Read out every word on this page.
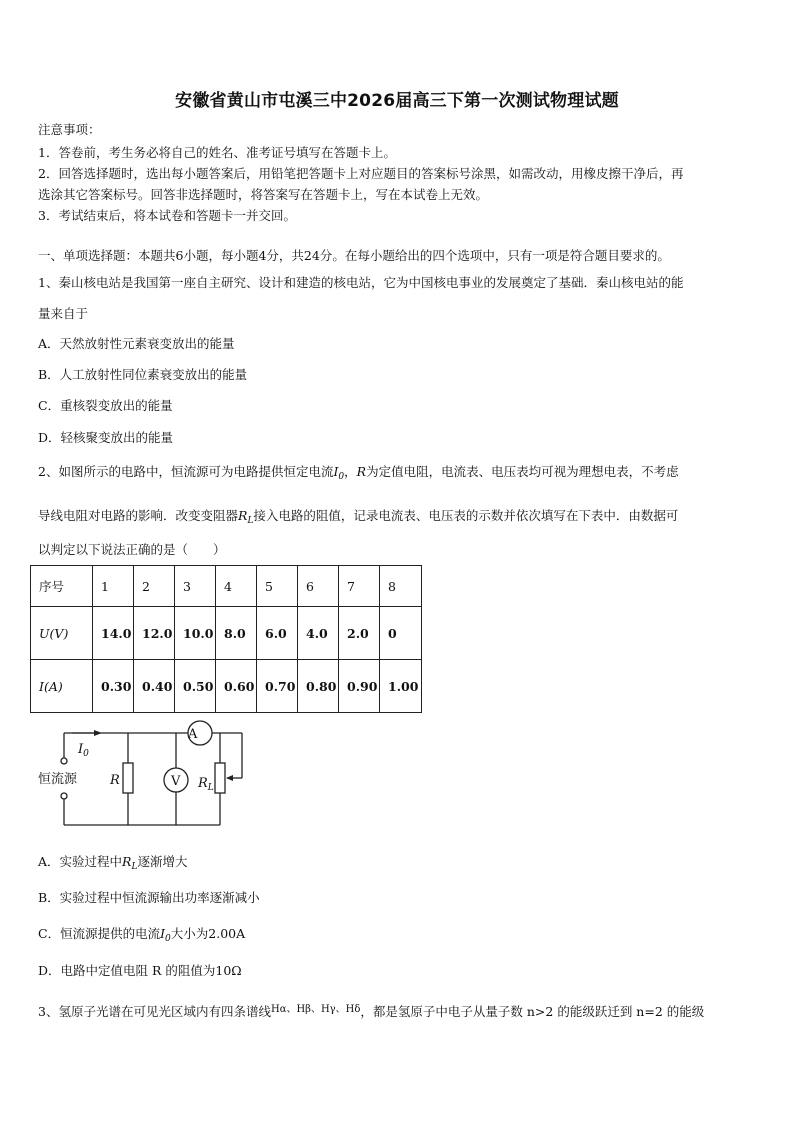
安徽省黄山市屯溪三中2026届高三下第一次测试物理试题
注意事项：
1．答卷前，考生务必将自己的姓名、准考证号填写在答题卡上。
2．回答选择题时，选出每小题答案后，用铅笔把答题卡上对应题目的答案标号涂黑，如需改动，用橡皮擦干净后，再
选涂其它答案标号。回答非选择题时，将答案写在答题卡上，写在本试卷上无效。
3．考试结束后，将本试卷和答题卡一并交回。
一、单项选择题：本题共6小题，每小题4分，共24分。在每小题给出的四个选项中，只有一项是符合题目要求的。
1、秦山核电站是我国第一座自主研究、设计和建造的核电站，它为中国核电事业的发展奠定了基础．秦山核电站的能
量来自于
A．天然放射性元素衰变放出的能量
B．人工放射性同位素衰变放出的能量
C．重核裂变放出的能量
D．轻核聚变放出的能量
2、如图所示的电路中，恒流源可为电路提供恒定电流$I_0$，R为定值电阻，电流表、电压表均可视为理想电表，不考虑
导线电阻对电路的影响．改变变阻器$R_L$接入电路的阻值，记录电流表、电压表的示数并依次填写在下表中．由数据可
以判定以下说法正确的是（　　）
序号	1	2	3	4	5	6	7	8
U(V)	14.0	12.0	10.0	8.0	6.0	4.0	2.0	0
I(A)	0.30	0.40	0.50	0.60	0.70	0.80	0.90	1.00
A
V
R	$R_L$
$I_0$
恒流源
A．实验过程中$R_L$逐渐增大
B．实验过程中恒流源输出功率逐渐减小
C．恒流源提供的电流$I_0$大小为2.00A
D．电路中定值电阻 R 的阻值为10Ω
3、氢原子光谱在可见光区域内有四条谱线$^{H\alpha、H\beta、H\gamma、H\delta}$，都是氢原子中电子从量子数 n>2 的能级跃迁到 n=2 的能级
